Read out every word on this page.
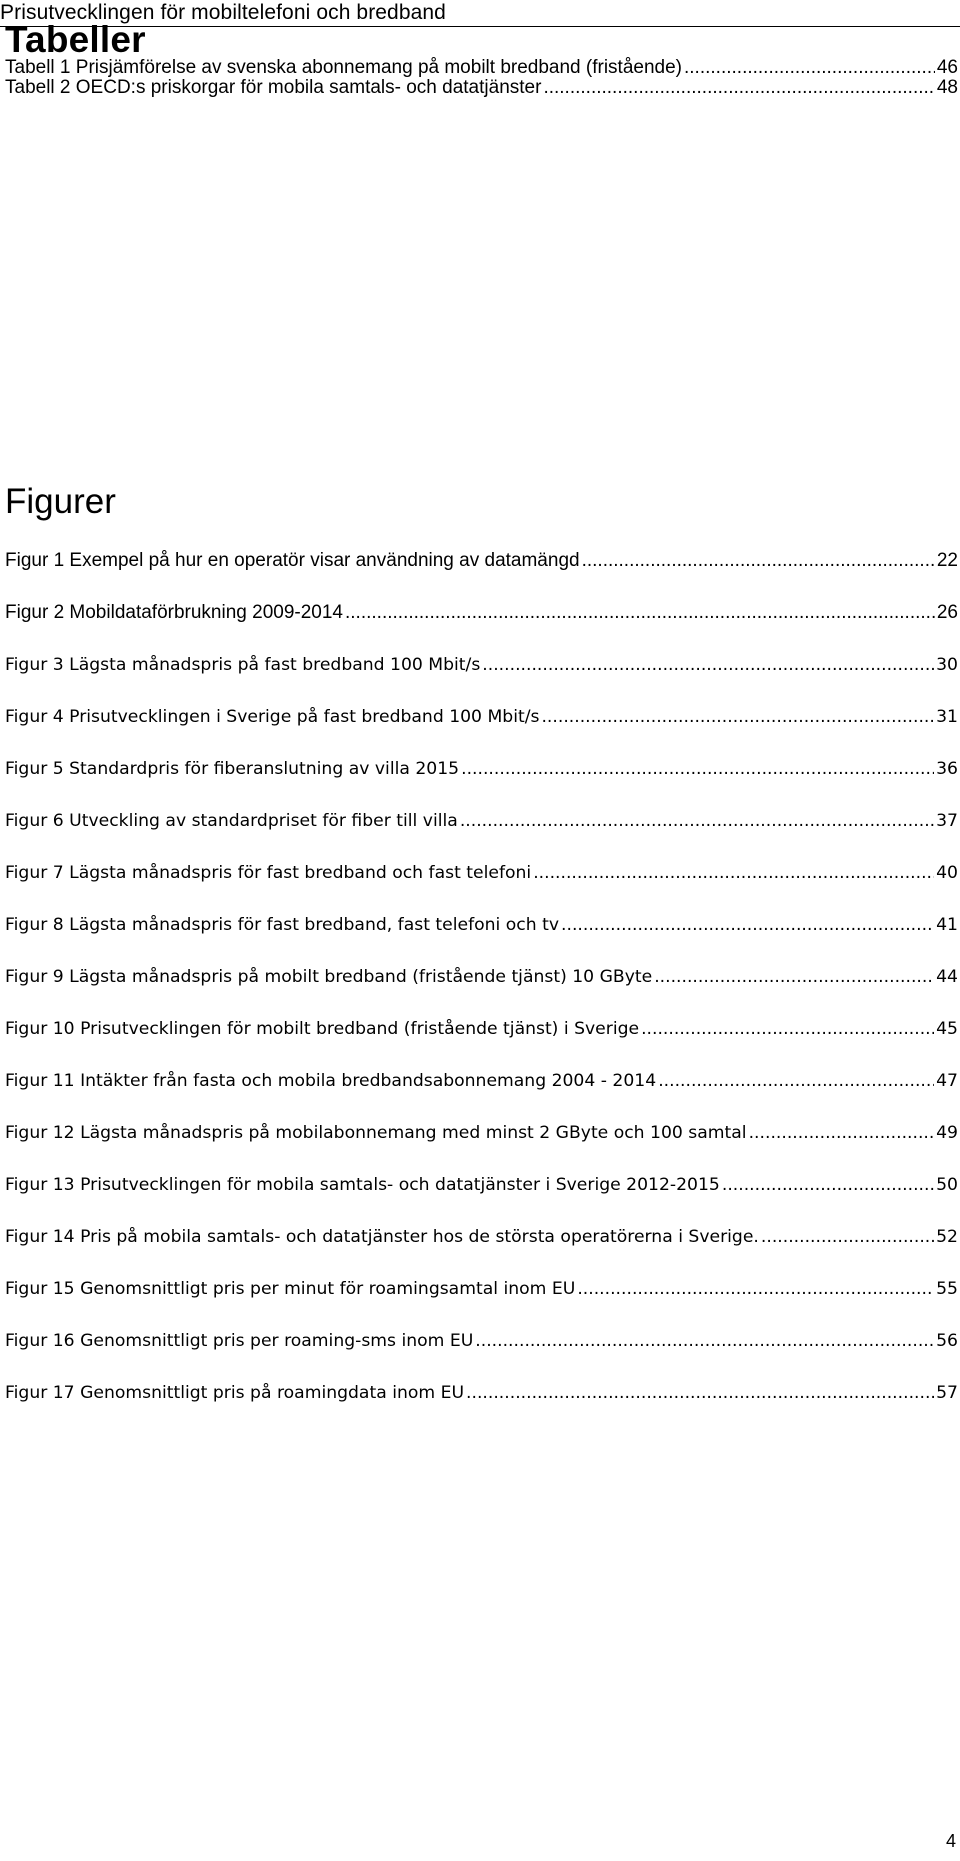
Prisutvecklingen för mobiltelefoni och bredband
Tabeller
Tabell 1 Prisjämförelse av svenska abonnemang på mobilt bredband (fristående) .....	46
Tabell 2 OECD:s priskorgar för mobila samtals- och datatjänster .....	48
Figurer
Figur 1 Exempel på hur en operatör visar användning av datamängd .....	22
Figur 2 Mobildataförbrukning 2009-2014 .....	26
Figur 3 Lägsta månadspris på fast bredband 100 Mbit/s .....	30
Figur 4 Prisutvecklingen i Sverige på fast bredband 100 Mbit/s .....	31
Figur 5 Standardpris för fiberanslutning av villa 2015 .....	36
Figur 6 Utveckling av standardpriset för fiber till villa .....	37
Figur 7 Lägsta månadspris för fast bredband och fast telefoni .....	40
Figur 8 Lägsta månadspris för fast bredband, fast telefoni och tv .....	41
Figur 9 Lägsta månadspris på mobilt bredband (fristående tjänst) 10 GByte .....	44
Figur 10 Prisutvecklingen för mobilt bredband (fristående tjänst) i Sverige .....	45
Figur 11 Intäkter från fasta och mobila bredbandsabonnemang 2004 - 2014 .....	47
Figur 12 Lägsta månadspris på mobilabonnemang med minst 2 GByte och 100 samtal .....	49
Figur 13 Prisutvecklingen för mobila samtals- och datatjänster i Sverige 2012-2015 .....	50
Figur 14 Pris på mobila samtals- och datatjänster hos de största operatörerna i Sverige. .....	52
Figur 15 Genomsnittligt pris per minut för roamingsamtal inom EU .....	55
Figur 16 Genomsnittligt pris per roaming-sms inom EU .....	56
Figur 17 Genomsnittligt pris på roamingdata inom EU .....	57
4
